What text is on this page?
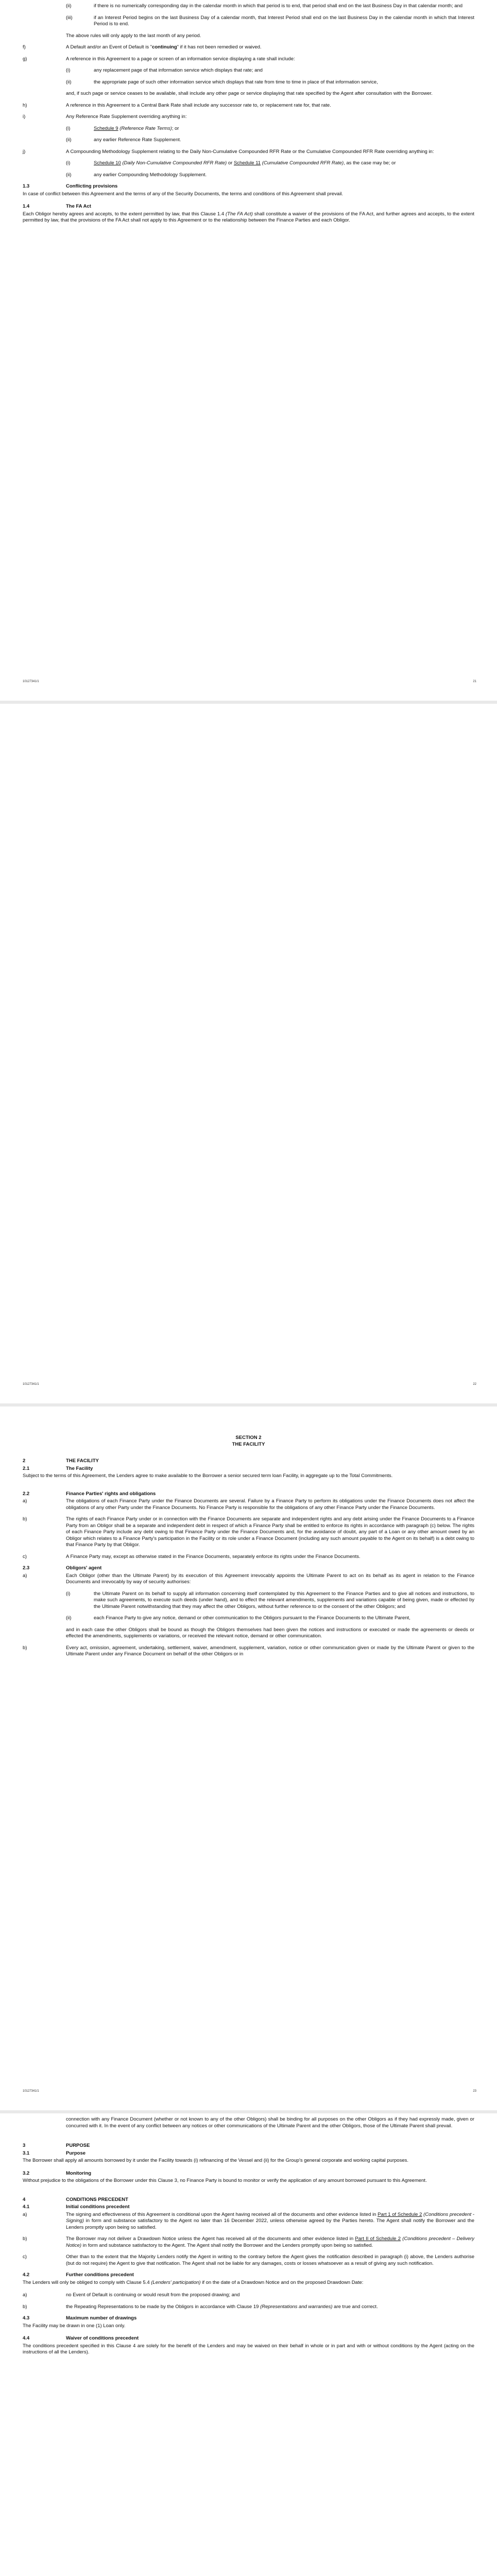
(ii)	if there is no numerically corresponding day in the calendar month in which that period is to end, that period shall end on the last Business Day in that calendar month; and
(iii)	if an Interest Period begins on the last Business Day of a calendar month, that Interest Period shall end on the last Business Day in the calendar month in which that Interest Period is to end.
The above rules will only apply to the last month of any period.
f)	A Default and/or an Event of Default is "continuing" if it has not been remedied or waived.
g)	A reference in this Agreement to a page or screen of an information service displaying a rate shall include:
(i)	any replacement page of that information service which displays that rate; and
(ii)	the appropriate page of such other information service which displays that rate from time to time in place of that information service,
and, if such page or service ceases to be available, shall include any other page or service displaying that rate specified by the Agent after consultation with the Borrower.
h)	A reference in this Agreement to a Central Bank Rate shall include any successor rate to, or replacement rate for, that rate.
i)	Any Reference Rate Supplement overriding anything in:
(i)	Schedule 9 (Reference Rate Terms); or
(ii)	any earlier Reference Rate Supplement.
j)	A Compounding Methodology Supplement relating to the Daily Non-Cumulative Compounded RFR Rate or the Cumulative Compounded RFR Rate overriding anything in:
(i)	Schedule 10 (Daily Non-Cumulative Compounded RFR Rate) or Schedule 11 (Cumulative Compounded RFR Rate), as the case may be; or
(ii)	any earlier Compounding Methodology Supplement.
1.3	Conflicting provisions
In case of conflict between this Agreement and the terms of any of the Security Documents, the terms and conditions of this Agreement shall prevail.
1.4	The FA Act
Each Obligor hereby agrees and accepts, to the extent permitted by law, that this Clause 1.4 (The FA Act) shall constitute a waiver of the provisions of the FA Act, and further agrees and accepts, to the extent permitted by law, that the provisions of the FA Act shall not apply to this Agreement or to the relationship between the Finance Parties and each Obligor.
10127341/1	21
10127341/1	22
SECTION 2
THE FACILITY
2	THE FACILITY
2.1	The Facility
Subject to the terms of this Agreement, the Lenders agree to make available to the Borrower a senior secured term loan Facility, in aggregate up to the Total Commitments.
2.2	Finance Parties' rights and obligations
a)	The obligations of each Finance Party under the Finance Documents are several. Failure by a Finance Party to perform its obligations under the Finance Documents does not affect the obligations of any other Party under the Finance Documents. No Finance Party is responsible for the obligations of any other Finance Party under the Finance Documents.
b)	The rights of each Finance Party under or in connection with the Finance Documents are separate and independent rights and any debt arising under the Finance Documents to a Finance Party from an Obligor shall be a separate and independent debt in respect of which a Finance Party shall be entitled to enforce its rights in accordance with paragraph (c) below. The rights of each Finance Party include any debt owing to that Finance Party under the Finance Documents and, for the avoidance of doubt, any part of a Loan or any other amount owed by an Obligor which relates to a Finance Party's participation in the Facility or its role under a Finance Document (including any such amount payable to the Agent on its behalf) is a debt owing to that Finance Party by that Obligor.
c)	A Finance Party may, except as otherwise stated in the Finance Documents, separately enforce its rights under the Finance Documents.
2.3	Obligors' agent
a)	Each Obligor (other than the Ultimate Parent) by its execution of this Agreement irrevocably appoints the Ultimate Parent to act on its behalf as its agent in relation to the Finance Documents and irrevocably by way of security authorises:
(i)	the Ultimate Parent on its behalf to supply all information concerning itself contemplated by this Agreement to the Finance Parties and to give all notices and instructions, to make such agreements, to execute such deeds (under hand), and to effect the relevant amendments, supplements and variations capable of being given, made or effected by the Ultimate Parent notwithstanding that they may affect the other Obligors, without further reference to or the consent of the other Obligors; and
(ii)	each Finance Party to give any notice, demand or other communication to the Obligors pursuant to the Finance Documents to the Ultimate Parent,
and in each case the other Obligors shall be bound as though the Obligors themselves had been given the notices and instructions or executed or made the agreements or deeds or effected the amendments, supplements or variations, or received the relevant notice, demand or other communication.
b)	Every act, omission, agreement, undertaking, settlement, waiver, amendment, supplement, variation, notice or other communication given or made by the Ultimate Parent or given to the Ultimate Parent under any Finance Document on behalf of the other Obligors or in
10127341/1	23
connection with any Finance Document (whether or not known to any of the other Obligors) shall be binding for all purposes on the other Obligors as if they had expressly made, given or concurred with it. In the event of any conflict between any notices or other communications of the Ultimate Parent and the other Obligors, those of the Ultimate Parent shall prevail.
3	PURPOSE
3.1	Purpose
The Borrower shall apply all amounts borrowed by it under the Facility towards (i) refinancing of the Vessel and (ii) for the Group's general corporate and working capital purposes.
3.2	Monitoring
Without prejudice to the obligations of the Borrower under this Clause 3, no Finance Party is bound to monitor or verify the application of any amount borrowed pursuant to this Agreement.
4	CONDITIONS PRECEDENT
4.1	Initial conditions precedent
a)	The signing and effectiveness of this Agreement is conditional upon the Agent having received all of the documents and other evidence listed in Part 1 of Schedule 2 (Conditions precedent - Signing) in form and substance satisfactory to the Agent no later than 16 December 2022, unless otherwise agreed by the Parties hereto. The Agent shall notify the Borrower and the Lenders promptly upon being so satisfied.
b)	The Borrower may not deliver a Drawdown Notice unless the Agent has received all of the documents and other evidence listed in Part II of Schedule 2 (Conditions precedent – Delivery Notice) in form and substance satisfactory to the Agent. The Agent shall notify the Borrower and the Lenders promptly upon being so satisfied.
c)	Other than to the extent that the Majority Lenders notify the Agent in writing to the contrary before the Agent gives the notification described in paragraph (i) above, the Lenders authorise (but do not require) the Agent to give that notification. The Agent shall not be liable for any damages, costs or losses whatsoever as a result of giving any such notification.
4.2	Further conditions precedent
The Lenders will only be obliged to comply with Clause 5.4 (Lenders' participation) if on the date of a Drawdown Notice and on the proposed Drawdown Date:
a)	no Event of Default is continuing or would result from the proposed drawing; and
b)	the Repeating Representations to be made by the Obligors in accordance with Clause 19 (Representations and warranties) are true and correct.
4.3	Maximum number of drawings
The Facility may be drawn in one (1) Loan only.
4.4	Waiver of conditions precedent
The conditions precedent specified in this Clause 4 are solely for the benefit of the Lenders and may be waived on their behalf in whole or in part and with or without conditions by the Agent (acting on the instructions of all the Lenders).
